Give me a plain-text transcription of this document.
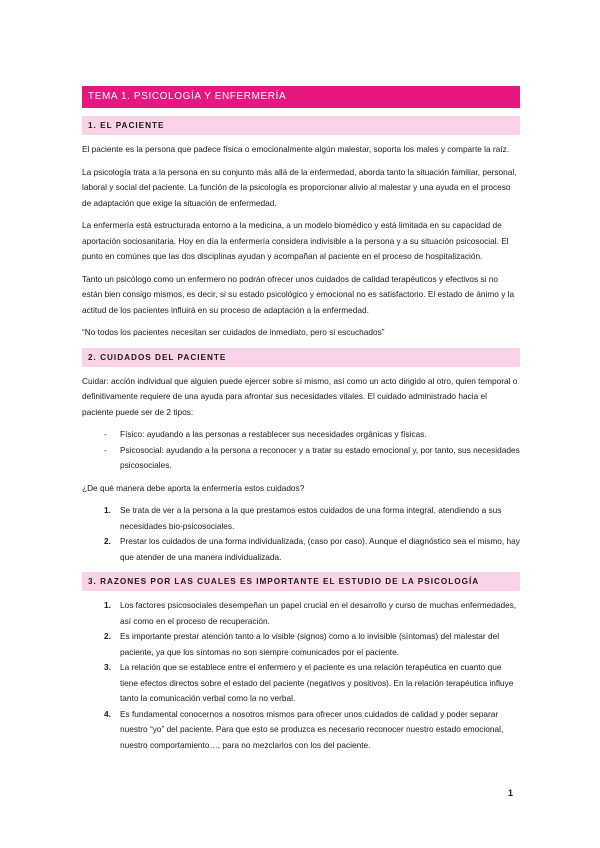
TEMA 1. PSICOLOGÍA Y ENFERMERÍA
1. EL PACIENTE

El paciente es la persona que padece física o emocionalmente algún malestar, soporta los males y comparte la raíz.

La psicología trata a la persona en su conjunto más allá de la enfermedad, aborda tanto la situación familiar, personal, laboral y social del paciente. La función de la psicología es proporcionar alivio al malestar y una ayuda en el proceso de adaptación que exige la situación de enfermedad.

La enfermería está estructurada entorno a la medicina, a un modelo biomédico y está limitada en su capacidad de aportación sociosanitaria. Hoy en día la enfermería considera indivisible a la persona y a su situación psicosocial. El punto en comúnes que las dos disciplinas ayudan y acompañan al paciente en el proceso de hospitalización.

Tanto un psicólogo como un enfermero no podrán ofrecer unos cuidados de calidad terapéuticos y efectivos si no están bien consigo mismos, es decir, si su estado psicológico y emocional no es satisfactorio. El estado de ánimo y la actitud de los pacientes influirá en su proceso de adaptación a la enfermedad.

“No todos los pacientes necesitan ser cuidados de inmediato, pero si escuchados”

2. CUIDADOS DEL PACIENTE

Cuidar: acción individual que alguien puede ejercer sobre sí mismo, así como un acto dirigido al otro, quien temporal o definitivamente requiere de una ayuda para afrontar sus necesidades vitales. El cuidado administrado hacia el paciente puede ser de 2 tipos:

- Físico: ayudando a las personas a restablecer sus necesidades orgánicas y físicas.
- Psicosocial: ayudando a la persona a reconocer y a tratar su estado emocional y, por tanto, sus necesidades psicosociales.

¿De qué manera debe aporta la enfermería estos cuidados?

1. Se trata de ver a la persona a la que prestamos estos cuidados de una forma integral, atendiendo a sus necesidades bio-psicosociales.
2. Prestar los cuidados de una forma individualizada, (caso por caso). Aunque el diagnóstico sea el mismo, hay que atender de una manera individualizada.
3. RAZONES POR LAS CUALES ES IMPORTANTE EL ESTUDIO DE LA PSICOLOGÍA
1. Los factores psicosociales desempeñan un papel crucial en el desarrollo y curso de muchas enfermedades, así como en el proceso de recuperación.
2. Es importante prestar atención tanto a lo visible (signos) como a lo invisible (síntomas) del malestar del paciente, ya que los síntomas no son siempre comunicados por el paciente.
3. La relación que se establece entre el enfermero y el paciente es una relación terapéutica en cuanto que tiene efectos directos sobre el estado del paciente (negativos y positivos). En la relación terapéutica influye tanto la comunicación verbal como la no verbal.
4. Es fundamental conocernos a nosotros mismos para ofrecer unos cuidados de calidad y poder separar nuestro “yo” del paciente. Para que esto se produzca es necesario reconocer nuestro estado emocional, nuestro comportamiento…, para no mezclarlos con los del paciente.
1
